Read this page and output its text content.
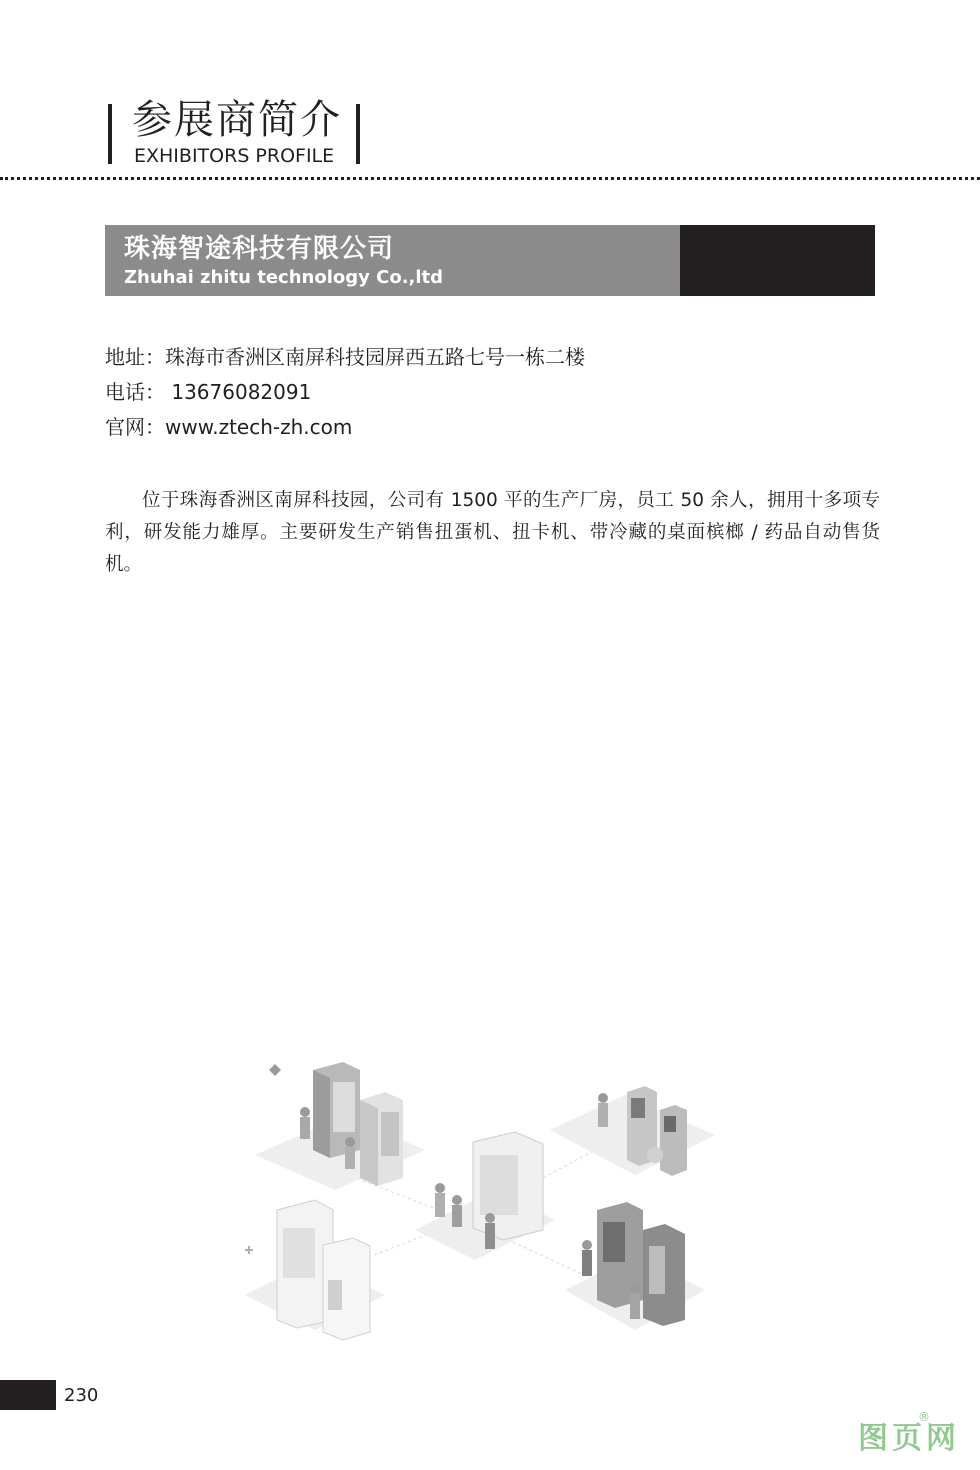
参展商简介
EXHIBITORS PROFILE
珠海智途科技有限公司
Zhuhai zhitu technology Co.,ltd
地址：珠海市香洲区南屏科技园屏西五路七号一栋二楼
电话： 13676082091
官网：www.ztech-zh.com
位于珠海香洲区南屏科技园，公司有 1500 平的生产厂房，员工 50 余人，拥用十多项专利，研发能力雄厚。主要研发生产销售扭蛋机、扭卡机、带冷藏的桌面槟榔 / 药品自动售货机。
230
图页网
®
